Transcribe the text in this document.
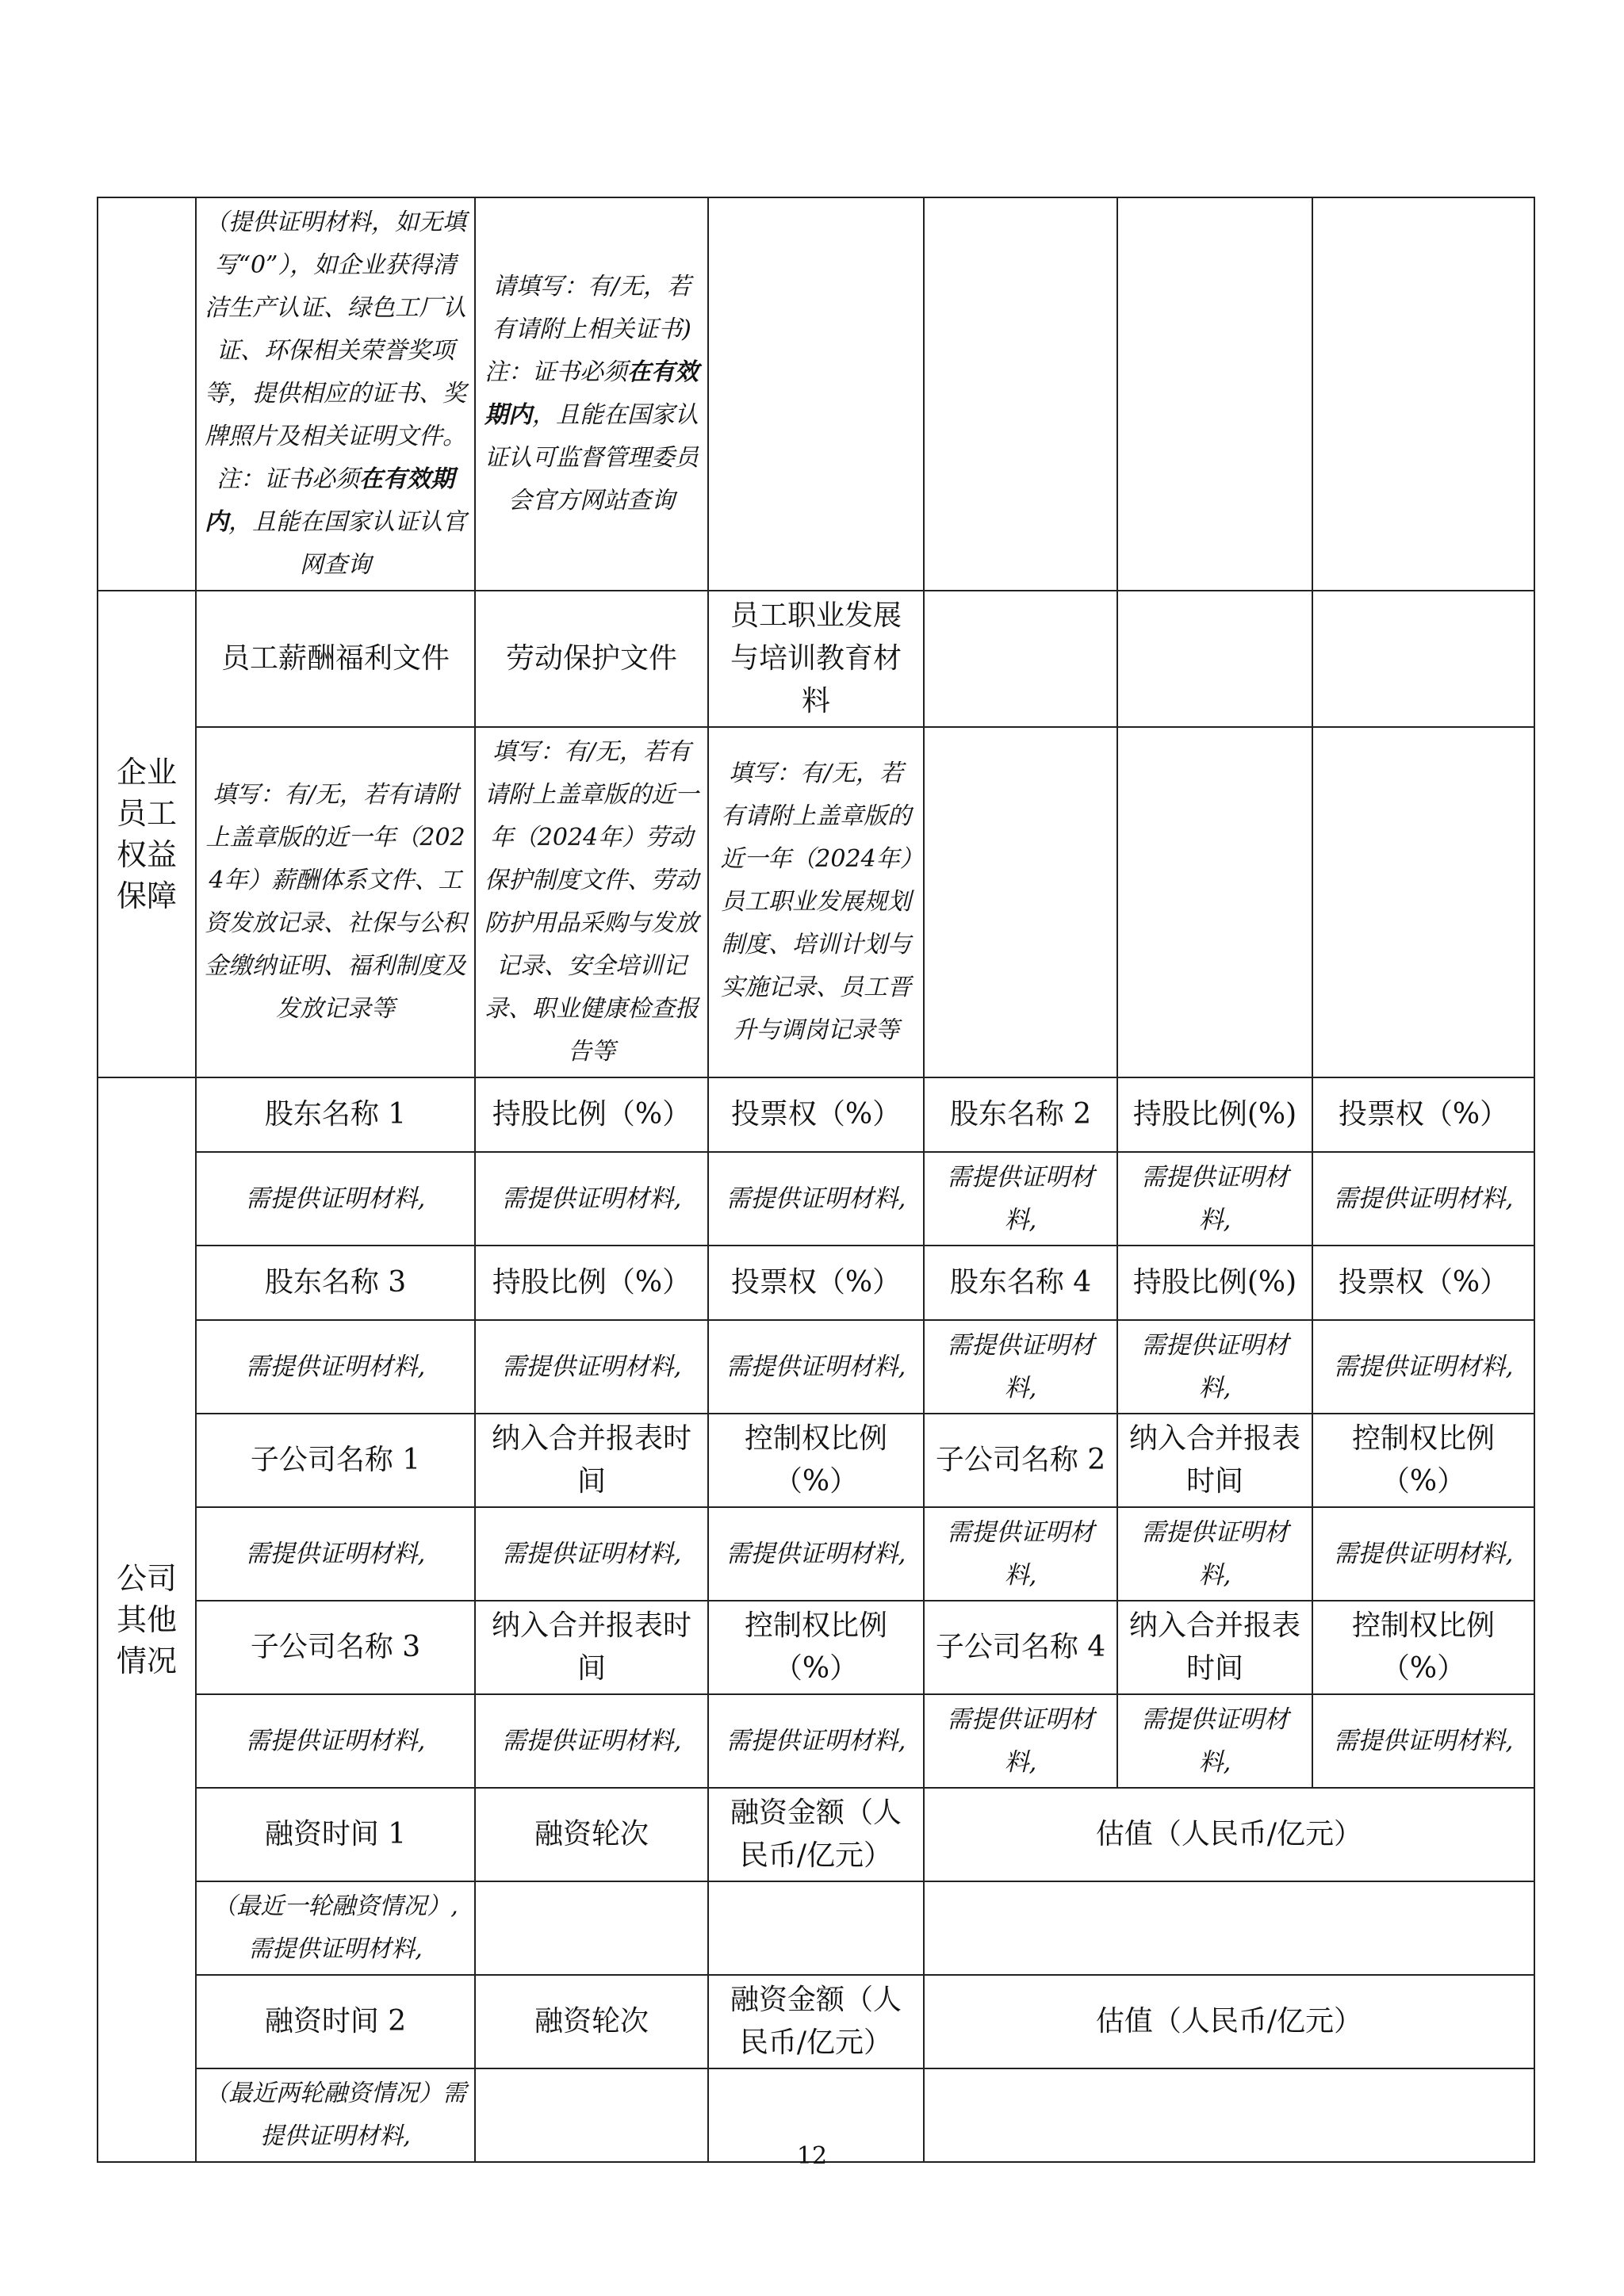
	（提供证明材料，如无填写“0”），如企业获得清洁生产认证、绿色工厂认证、环保相关荣誉奖项等，提供相应的证书、奖牌照片及相关证明文件。注：证书必须在有效期内，且能在国家认证认官网查询	请填写：有/无，若有请附上相关证书)注：证书必须在有效期内，且能在国家认证认可监督管理委员会官方网站查询				
企业员工权益保障	员工薪酬福利文件	劳动保护文件	员工职业发展与培训教育材料			
	填写：有/无，若有请附上盖章版的近一年（2024年）薪酬体系文件、工资发放记录、社保与公积金缴纳证明、福利制度及发放记录等	填写：有/无，若有请附上盖章版的近一年（2024年）劳动保护制度文件、劳动防护用品采购与发放记录、安全培训记录、职业健康检查报告等	填写：有/无，若有请附上盖章版的近一年（2024年）员工职业发展规划制度、培训计划与实施记录、员工晋升与调岗记录等			
公司其他情况	股东名称 1	持股比例（%）	投票权（%）	股东名称 2	持股比例(%)	投票权（%）
	需提供证明材料,	需提供证明材料,	需提供证明材料,	需提供证明材料,	需提供证明材料,	需提供证明材料,
	股东名称 3	持股比例（%）	投票权（%）	股东名称 4	持股比例(%)	投票权（%）
	需提供证明材料,	需提供证明材料,	需提供证明材料,	需提供证明材料,	需提供证明材料,	需提供证明材料,
	子公司名称 1	纳入合并报表时间	控制权比例（%）	子公司名称 2	纳入合并报表时间	控制权比例（%）
	需提供证明材料,	需提供证明材料,	需提供证明材料,	需提供证明材料,	需提供证明材料,	需提供证明材料,
	子公司名称 3	纳入合并报表时间	控制权比例（%）	子公司名称 4	纳入合并报表时间	控制权比例（%）
	需提供证明材料,	需提供证明材料,	需提供证明材料,	需提供证明材料,	需提供证明材料,	需提供证明材料,
	融资时间 1	融资轮次	融资金额（人民币/亿元）	估值（人民币/亿元）		
	（最近一轮融资情况）,需提供证明材料,					
	融资时间 2	融资轮次	融资金额（人民币/亿元）	估值（人民币/亿元）		
	（最近两轮融资情况）需提供证明材料,					
12
